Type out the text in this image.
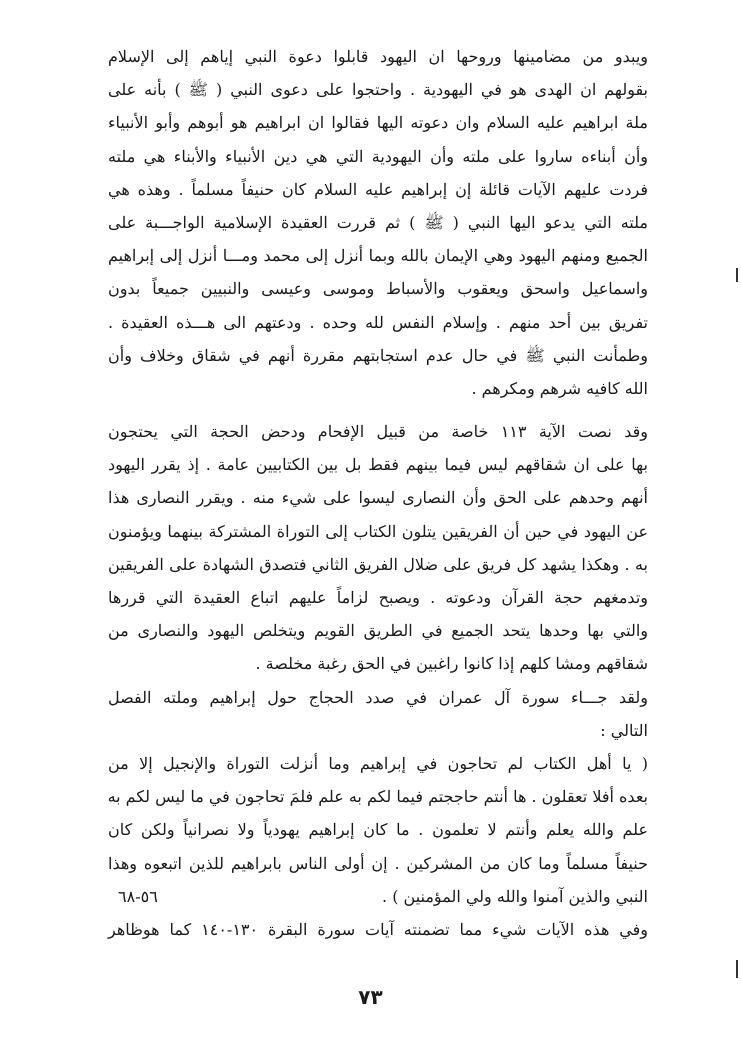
ويبدو من مضامينها وروحها ان اليهود قابلوا دعوة النبي إياهم إلى الإسلام
بقولهم ان الهدى هو في اليهودية . واحتجوا على دعوى النبي ( ﷺ ) بأنه على
ملة ابراهيم عليه السلام وان دعوته اليها فقالوا ان ابراهيم هو أبوهم وأبو الأنبياء
وأن أبناءه ساروا على ملته وأن اليهودية التي هي دين الأنبياء والأبناء هي ملته
فردت عليهم الآيات قائلة إن إبراهيم عليه السلام كان حنيفاً مسلماً . وهذه هي
ملته التي يدعو اليها النبي ( ﷺ ) ثم قررت العقيدة الإسلامية الواجـــبة على
الجميع ومنهم اليهود وهي الإيمان بالله وبما أنزل إلى محمد ومـــا أنزل إلى إبراهيم
واسماعيل واسحق ويعقوب والأسباط وموسى وعيسى والنبيين جميعاً بدون
تفريق بين أحد منهم . وإسلام النفس لله وحده . ودعتهم الى هـــذه العقيدة .
وطمأنت النبي ﷺ في حال عدم استجابتهم مقررة أنهم في شقاق وخلاف وأن
الله كافيه شرهم ومكرهم .
وقد نصت الآية ١١٣ خاصة من قبيل الإفحام ودحض الحجة التي يحتجون
بها على ان شقاقهم ليس فيما بينهم فقط بل بين الكتابيين عامة . إذ يقرر اليهود
أنهم وحدهم على الحق وأن النصارى ليسوا على شيء منه . ويقرر النصارى هذا
عن اليهود في حين أن الفريقين يتلون الكتاب إلى التوراة المشتركة بينهما ويؤمنون
به . وهكذا يشهد كل فريق على ضلال الفريق الثاني فتصدق الشهادة على الفريقين
وتدمغهم حجة القرآن ودعوته . ويصبح لزاماً عليهم اتباع العقيدة التي قررها
والتي بها وحدها يتحد الجميع في الطريق القويم ويتخلص اليهود والنصارى من
شقاقهم ومشا كلهم إذا كانوا راغبين في الحق رغبة مخلصة .
ولقد جـــاء سورة آل عمران في صدد الحجاج حول إبراهيم وملته الفصل
التالي :
( يا أهل الكتاب لم تحاجون في إبراهيم وما أنزلت التوراة والإنجيل إلا من
بعده أفلا تعقلون . ها أنتم حاججتم فيما لكم به علم فلمَ تحاجون في ما ليس لكم به
علم والله يعلم وأنتم لا تعلمون . ما كان إبراهيم يهودياً ولا نصرانياً ولكن كان
حنيفاً مسلماً وما كان من المشركين . إن أولى الناس بابراهيم للذين اتبعوه وهذا
النبي والذين آمنوا والله ولي المؤمنين ) .
٥٦-٦٨
وفي هذه الآيات شيء مما تضمنته آيات سورة البقرة ١٣٠-١٤٠ كما هوظاهر
٧٣
